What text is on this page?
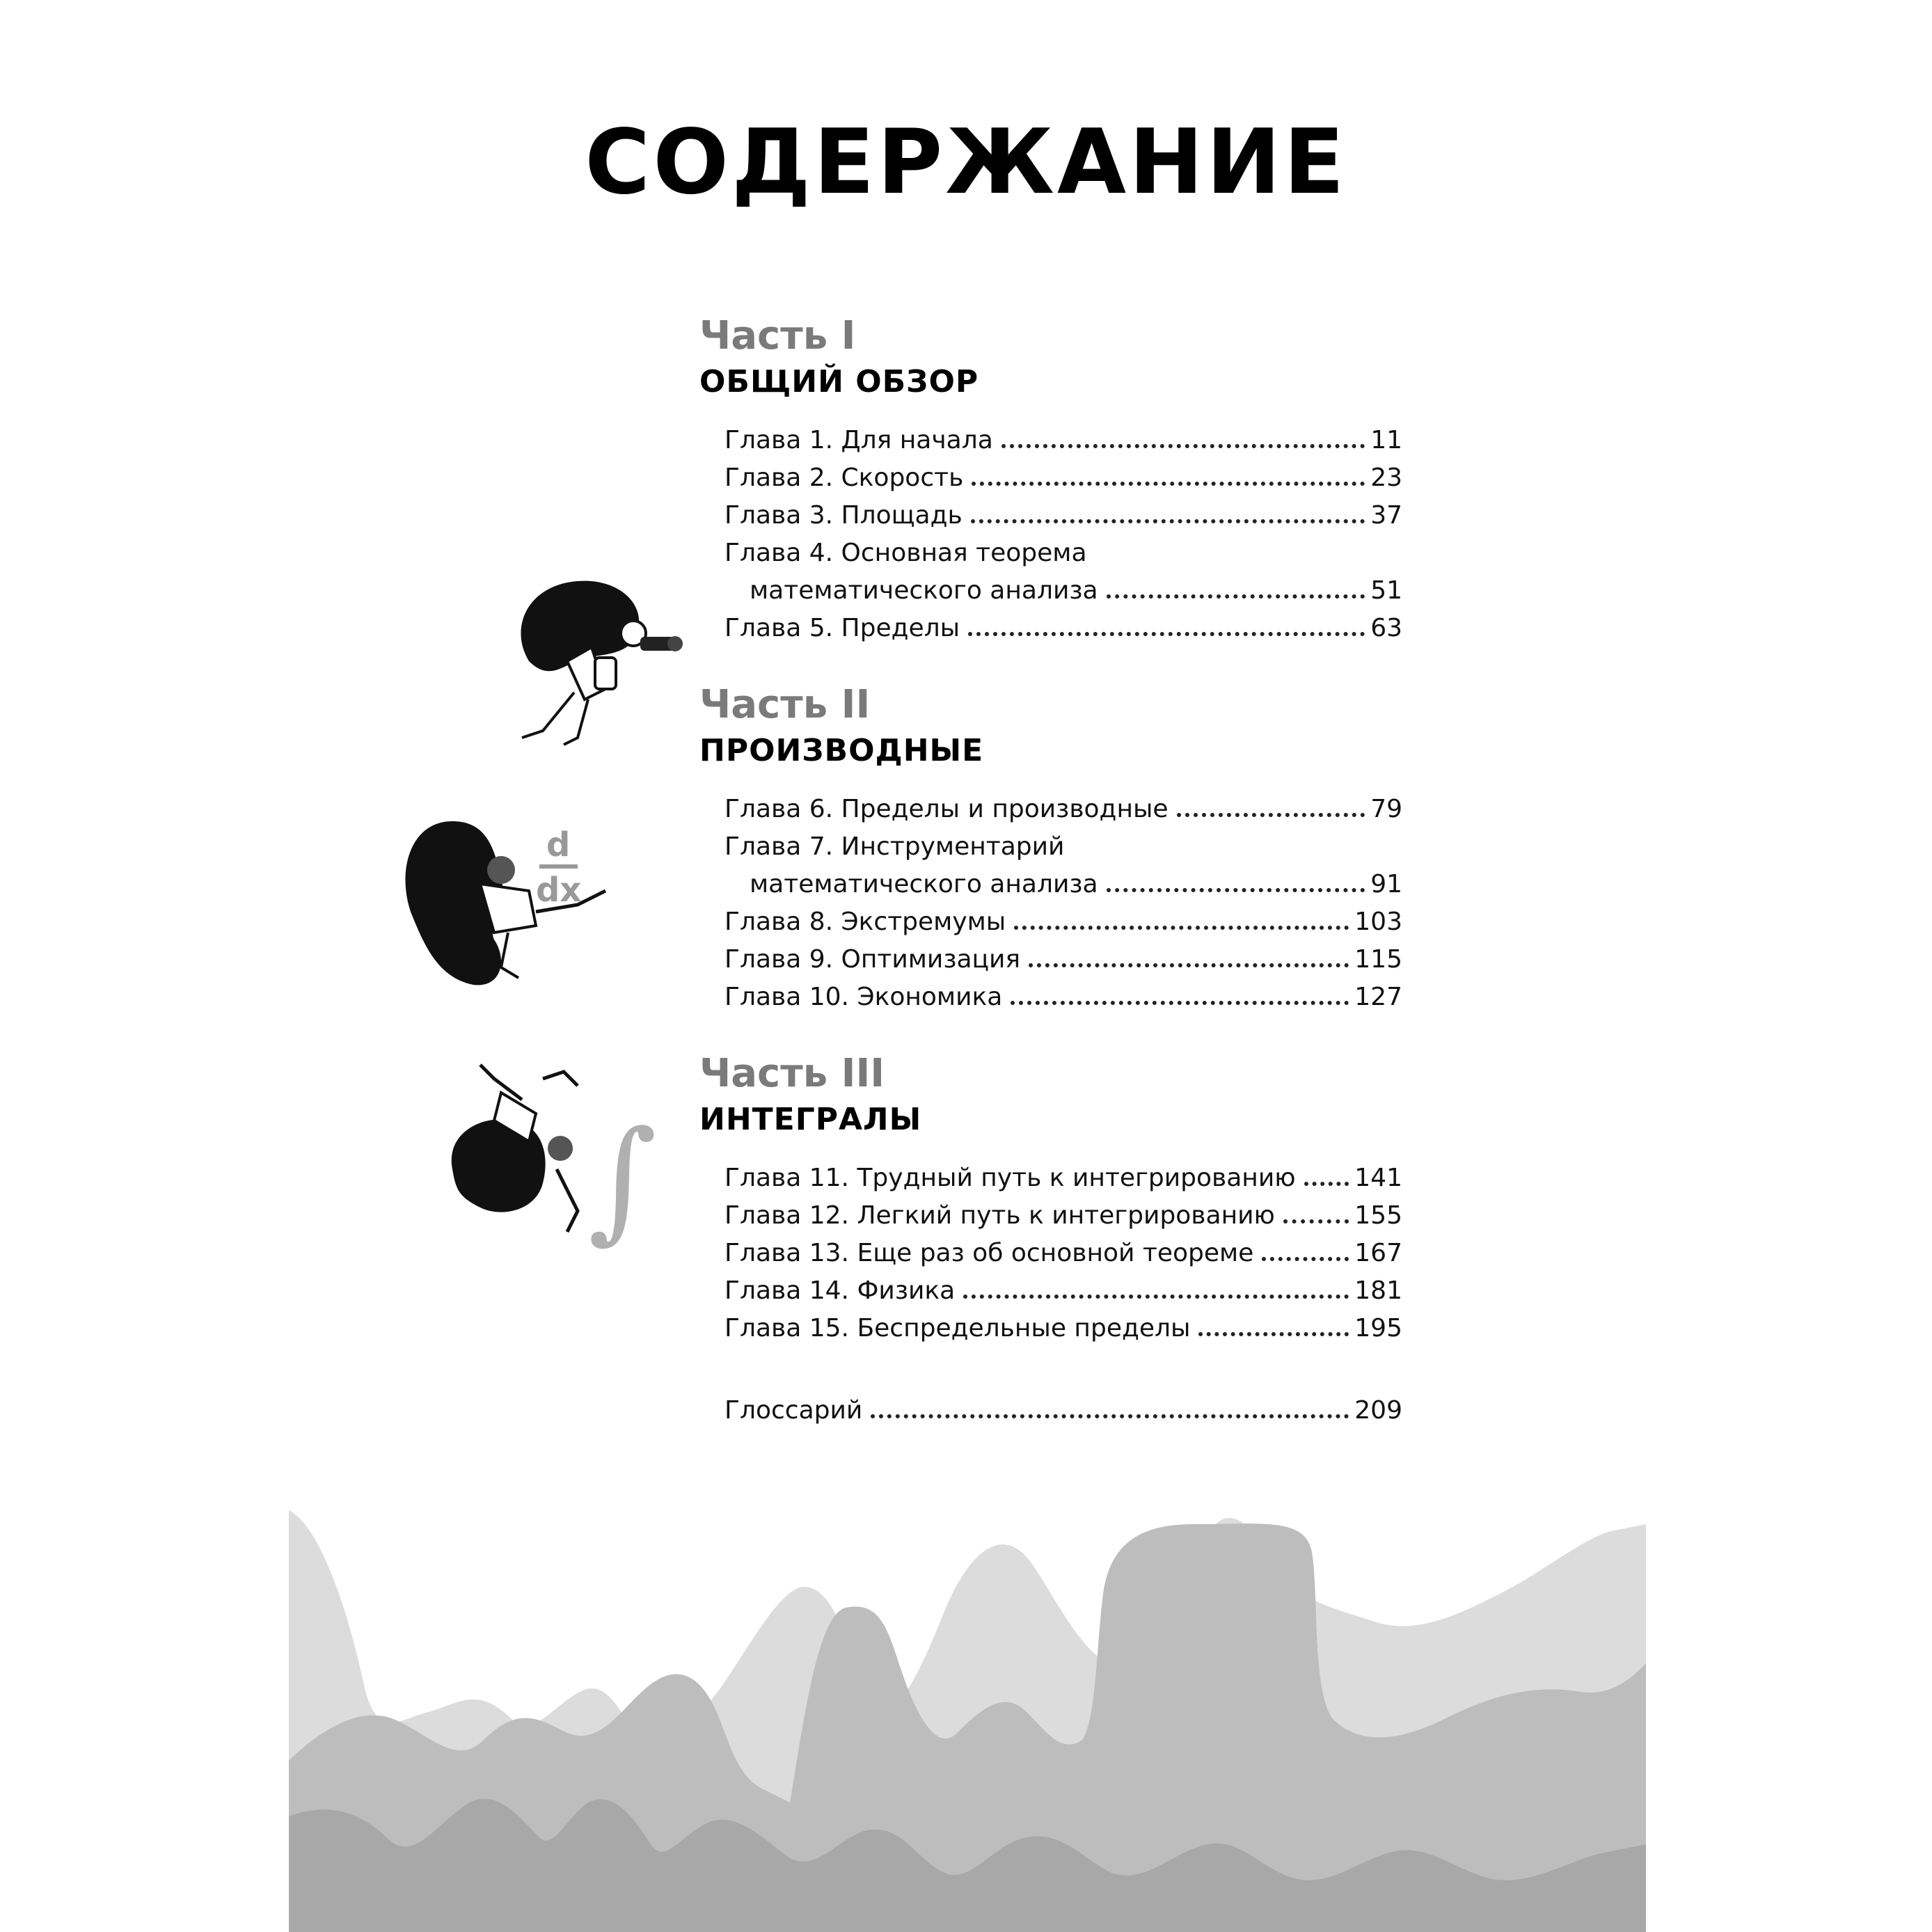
СОДЕРЖАНИЕ
Часть I
ОБЩИЙ ОБЗОР
Глава 1. Для начала	11
Глава 2. Скорость	23
Глава 3. Площадь	37
Глава 4. Основная теорема
математического анализа	51
Глава 5. Пределы	63
Часть II
ПРОИЗВОДНЫЕ
Глава 6. Пределы и производные	79
Глава 7. Инструментарий
математического анализа	91
Глава 8. Экстремумы	103
Глава 9. Оптимизация	115
Глава 10. Экономика	127
Часть III
ИНТЕГРАЛЫ
Глава 11. Трудный путь к интегрированию 141
Глава 12. Легкий путь к интегрированию	155
Глава 13. Еще раз об основной теореме	167
Глава 14. Физика	181
Глава 15. Беспредельные пределы	195
Глоссарий	209
d
dx
∫
